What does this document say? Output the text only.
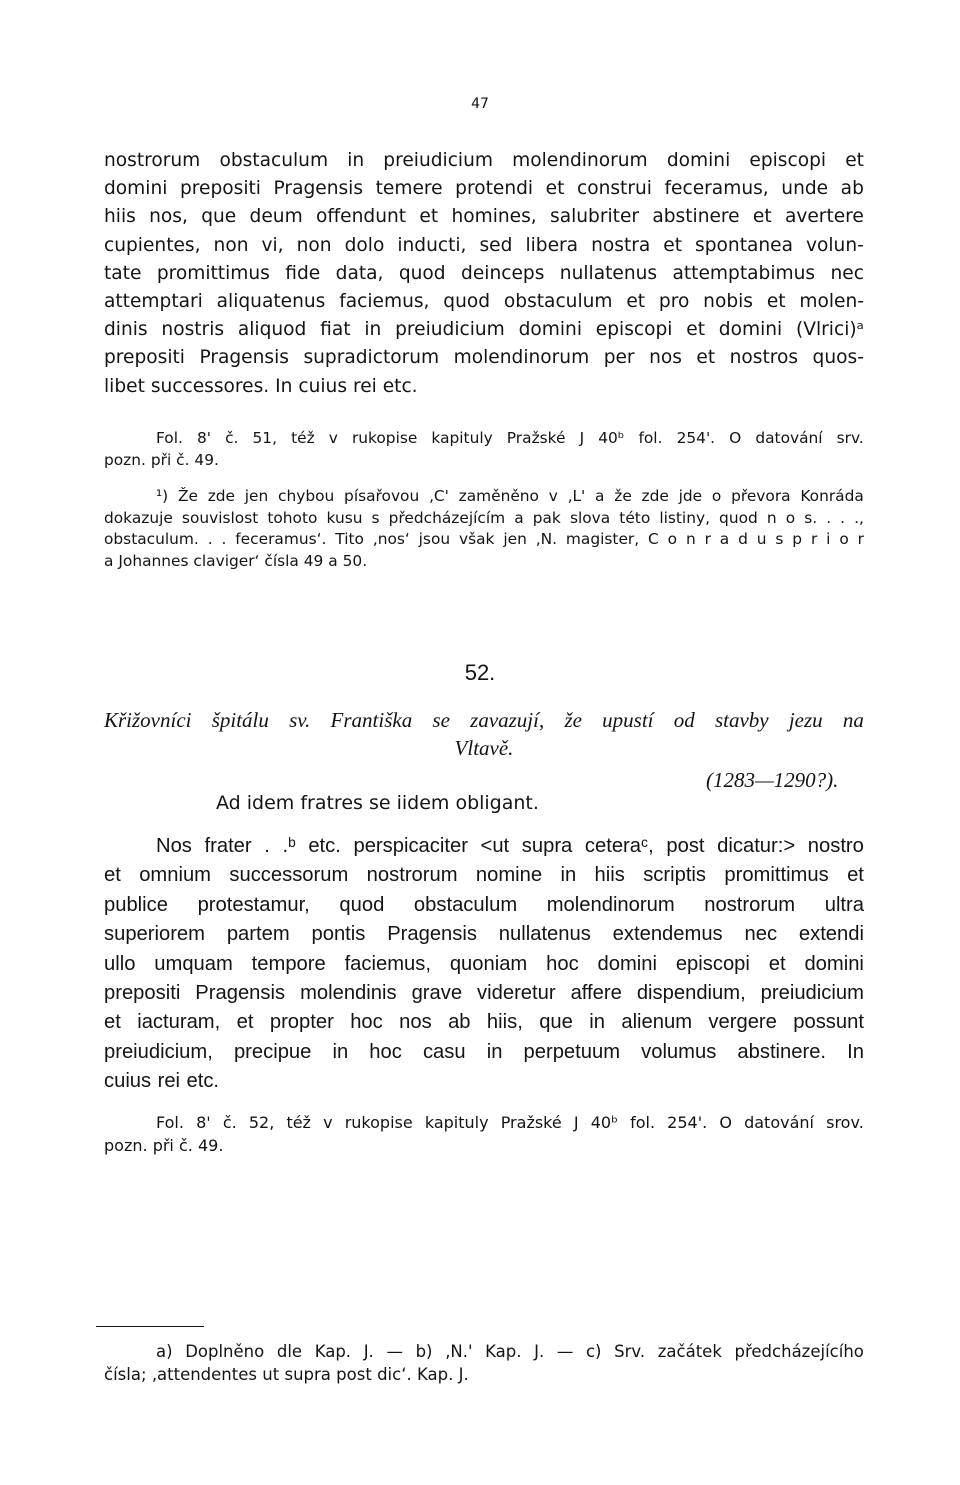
47

nostrorum obstaculum in preiudicium molendinorum domini episcopi et

domini prepositi Pragensis temere protendi et construi feceramus, unde ab

hiis nos, que deum offendunt et homines, salubriter abstinere et avertere

cupientes, non vi, non dolo inducti, sed libera nostra et spontanea volun-

tate promittimus fide data, quod deinceps nullatenus attemptabimus nec

attemptari aliquatenus faciemus, quod obstaculum et pro nobis et molen-

dinis nostris aliquod fiat in preiudicium domini episcopi et domini (Vlrici)ᵃ

prepositi Pragensis supradictorum molendinorum per nos et nostros quos-

libet successores. In cuius rei etc.

Fol. 8' č. 51, též v rukopise kapituly Pražské J 40ᵇ fol. 254'. O datování srv.

pozn. při č. 49.

¹) Že zde jen chybou písařovou ‚C' zaměněno v ‚L' a že zde jde o převora Konráda

dokazuje souvislost tohoto kusu s předcházejícím a pak slova této listiny, quod n o s. . . .,

obstaculum. . . feceramus‘. Tito ‚nos‘ jsou však jen ‚N. magister, C o n r a d u s p r i o r

a Johannes claviger‘ čísla 49 a 50.

52.

Křižovníci špitálu sv. Františka se zavazují, že upustí od stavby jezu na

Vltavě.

(1283—1290?).
Ad idem fratres se iidem obligant.

Nos frater . .ᵇ etc. perspicaciter <ut supra ceteraᶜ, post dicatur:> nostro

et omnium successorum nostrorum nomine in hiis scriptis promittimus et

publice protestamur, quod obstaculum molendinorum nostrorum ultra

superiorem partem pontis Pragensis nullatenus extendemus nec extendi

ullo umquam tempore faciemus, quoniam hoc domini episcopi et domini

prepositi Pragensis molendinis grave videretur affere dispendium, preiudicium

et iacturam, et propter hoc nos ab hiis, que in alienum vergere possunt

preiudicium, precipue in hoc casu in perpetuum volumus abstinere. In

cuius rei etc.

Fol. 8' č. 52, též v rukopise kapituly Pražské J 40ᵇ fol. 254'. O datování srov.

pozn. při č. 49.

a) Doplněno dle Kap. J. — b) ‚N.' Kap. J. — c) Srv. začátek předcházejícího

čísla; ‚attendentes ut supra post dic‘. Kap. J.
